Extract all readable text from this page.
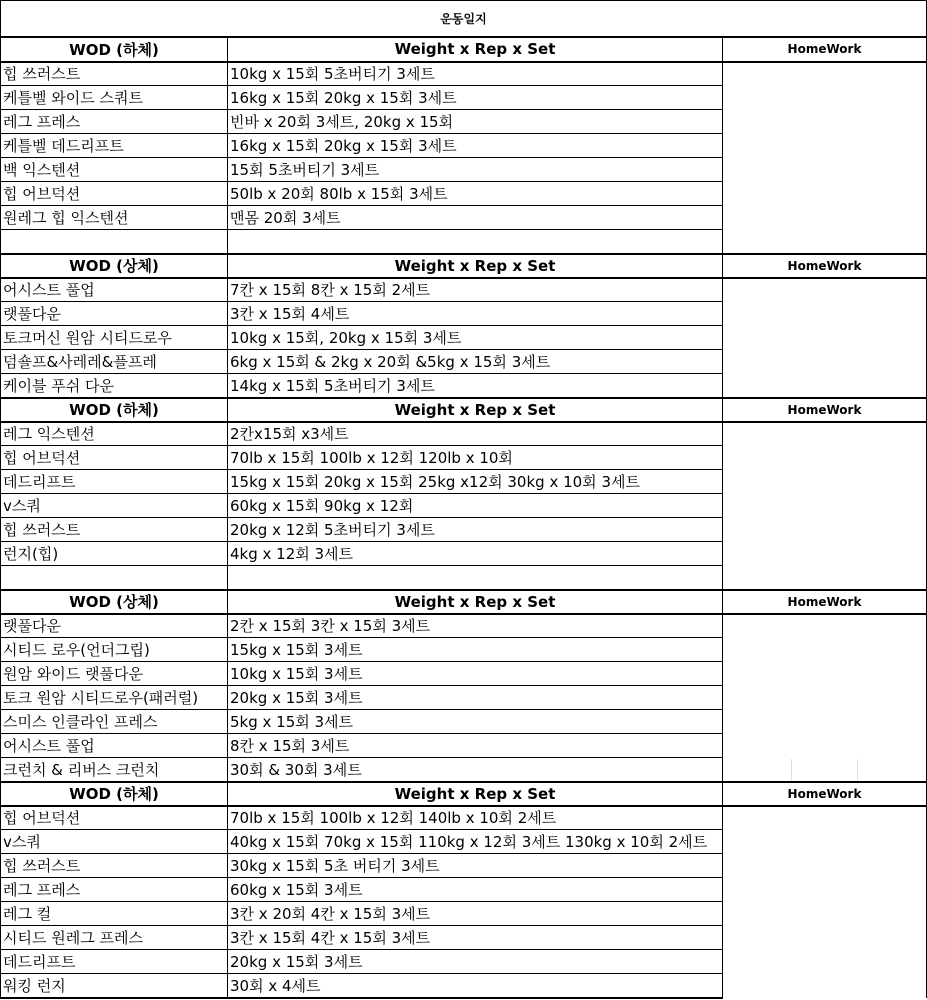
운동일지		
WOD (하체)	Weight x Rep x Set	HomeWork
힙 쓰러스트	10kg x 15회 5초버티기 3세트	
케틀벨 와이드 스쿼트	16kg x 15회 20kg x 15회 3세트	
레그 프레스	빈바 x 20회 3세트, 20kg x 15회	
케틀벨 데드리프트	16kg x 15회 20kg x 15회 3세트	
백 익스텐션	15회 5초버티기 3세트	
힙 어브덕션	50lb x 20회 80lb x 15회 3세트	
원레그 힙 익스텐션	맨몸 20회 3세트	

WOD (상체)	Weight x Rep x Set	HomeWork
어시스트 풀업	7칸 x 15회 8칸 x 15회 2세트	
랫풀다운	3칸 x 15회 4세트	
토크머신 원암 시티드로우	10kg x 15회, 20kg x 15회 3세트	
덤숄프&사레레&플프레	6kg x 15회 & 2kg x 20회 &5kg x 15회 3세트	
케이블 푸쉬 다운	14kg x 15회 5초버티기 3세트	
WOD (하체)	Weight x Rep x Set	HomeWork
레그 익스텐션	2칸x15회 x3세트	
힙 어브덕션	70lb x 15회 100lb x 12회 120lb x 10회	
데드리프트	15kg x 15회 20kg x 15회 25kg x12회 30kg x 10회 3세트	
v스쿼	60kg x 15회 90kg x 12회	
힙 쓰러스트	20kg x 12회 5초버티기 3세트	
런지(힙)	4kg x 12회 3세트	

WOD (상체)	Weight x Rep x Set	HomeWork
랫풀다운	2칸 x 15회 3칸 x 15회 3세트	

시티드 로우(언더그립)	15kg x 15회 3세트	
원암 와이드 랫풀다운	10kg x 15회 3세트	
토크 원암 시티드로우(패러럴)	20kg x 15회 3세트	
스미스 인클라인 프레스	5kg x 15회 3세트	
어시스트 풀업	8칸 x 15회 3세트	
크런치 & 리버스 크런치	30회 & 30회 3세트	
WOD (하체)	Weight x Rep x Set	HomeWork
힙 어브덕션	70lb x 15회 100lb x 12회 140lb x 10회 2세트	
v스쿼	40kg x 15회 70kg x 15회 110kg x 12회 3세트 130kg x 10회 2세트	
힙 쓰러스트	30kg x 15회 5초 버티기 3세트	
레그 프레스	60kg x 15회 3세트	
레그 컬	3칸 x 20회 4칸 x 15회 3세트	
시티드 원레그 프레스	3칸 x 15회 4칸 x 15회 3세트	
데드리프트	20kg x 15회 3세트	
워킹 런지	30회 x 4세트	
